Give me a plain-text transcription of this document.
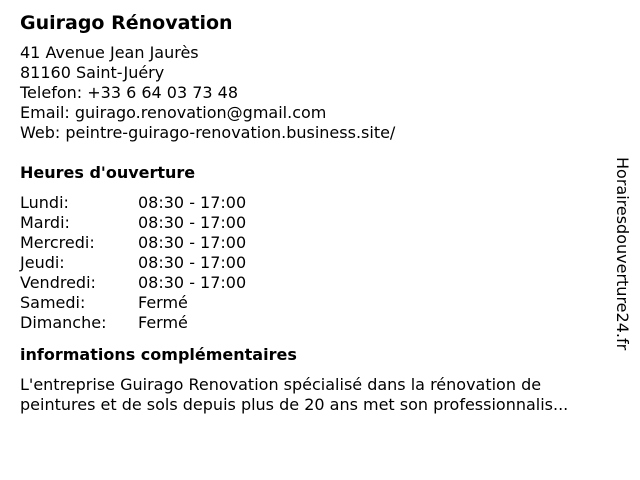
Guirago Rénovation
41 Avenue Jean Jaurès
81160 Saint-Juéry
Telefon: +33 6 64 03 73 48
Email: guirago.renovation@gmail.com
Web: peintre-guirago-renovation.business.site/
Heures d'ouverture
Lundi:	08:30 - 17:00
Mardi:	08:30 - 17:00
Mercredi:	08:30 - 17:00
Jeudi:	08:30 - 17:00
Vendredi:	08:30 - 17:00
Samedi:	Fermé
Dimanche:	Fermé
informations complémentaires
L'entreprise Guirago Renovation spécialisé dans la rénovation de
peintures et de sols depuis plus de 20 ans met son professionnalis...
Horairesdouverture24.fr
